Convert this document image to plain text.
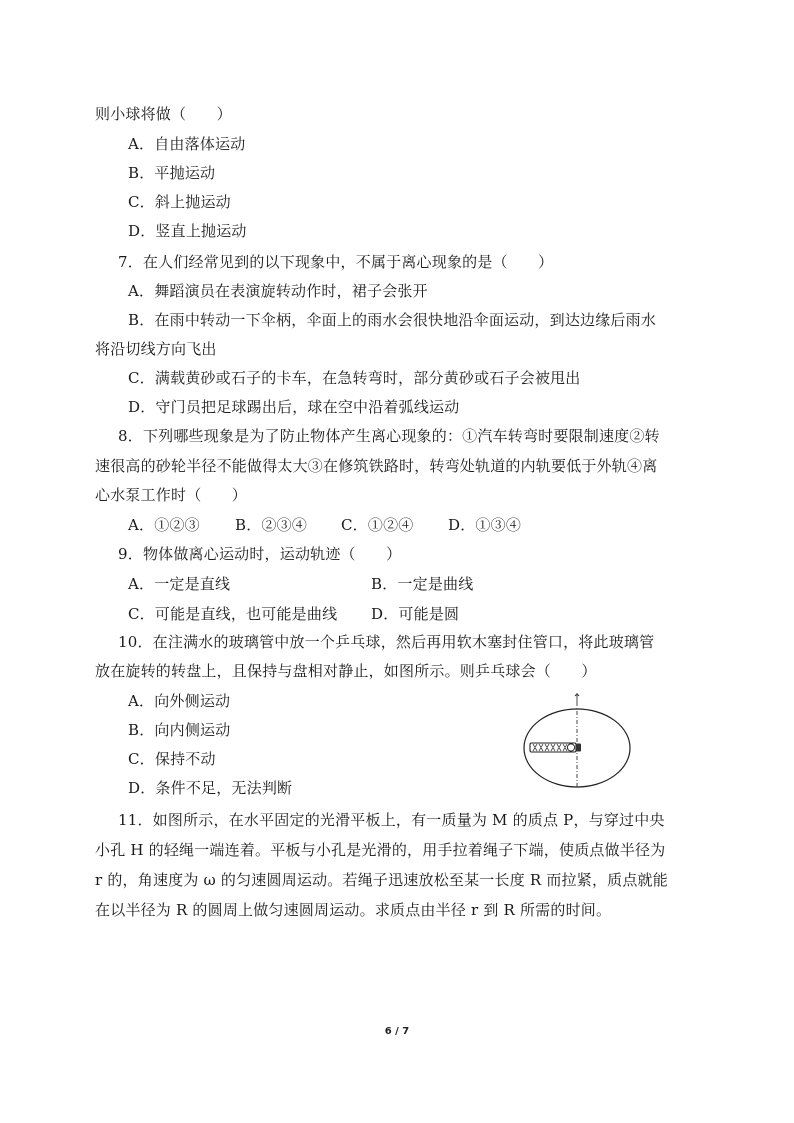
则小球将做（　　）
A．自由落体运动
B．平抛运动
C．斜上抛运动
D．竖直上抛运动
7．在人们经常见到的以下现象中，不属于离心现象的是（　　）
A．舞蹈演员在表演旋转动作时，裙子会张开
B．在雨中转动一下伞柄，伞面上的雨水会很快地沿伞面运动，到达边缘后雨水
将沿切线方向飞出
C．满载黄砂或石子的卡车，在急转弯时，部分黄砂或石子会被甩出
D．守门员把足球踢出后，球在空中沿着弧线运动
8．下列哪些现象是为了防止物体产生离心现象的：①汽车转弯时要限制速度②转
速很高的砂轮半径不能做得太大③在修筑铁路时，转弯处轨道的内轨要低于外轨④离
心水泵工作时（　　）
A．①②③ B．②③④ C．①②④ D．①③④
9．物体做离心运动时，运动轨迹（　　）
A．一定是直线	B．一定是曲线
C．可能是直线，也可能是曲线 D．可能是圆
10．在注满水的玻璃管中放一个乒乓球，然后再用软木塞封住管口，将此玻璃管
放在旋转的转盘上，且保持与盘相对静止，如图所示。则乒乓球会（　　）
A．向外侧运动
B．向内侧运动
C．保持不动
D．条件不足，无法判断
11．如图所示，在水平固定的光滑平板上，有一质量为 M 的质点 P，与穿过中央
小孔 H 的轻绳一端连着。平板与小孔是光滑的，用手拉着绳子下端，使质点做半径为
r 的，角速度为 ω 的匀速圆周运动。若绳子迅速放松至某一长度 R 而拉紧，质点就能
在以半径为 R 的圆周上做匀速圆周运动。求质点由半径 r 到 R 所需的时间。
6 / 7
